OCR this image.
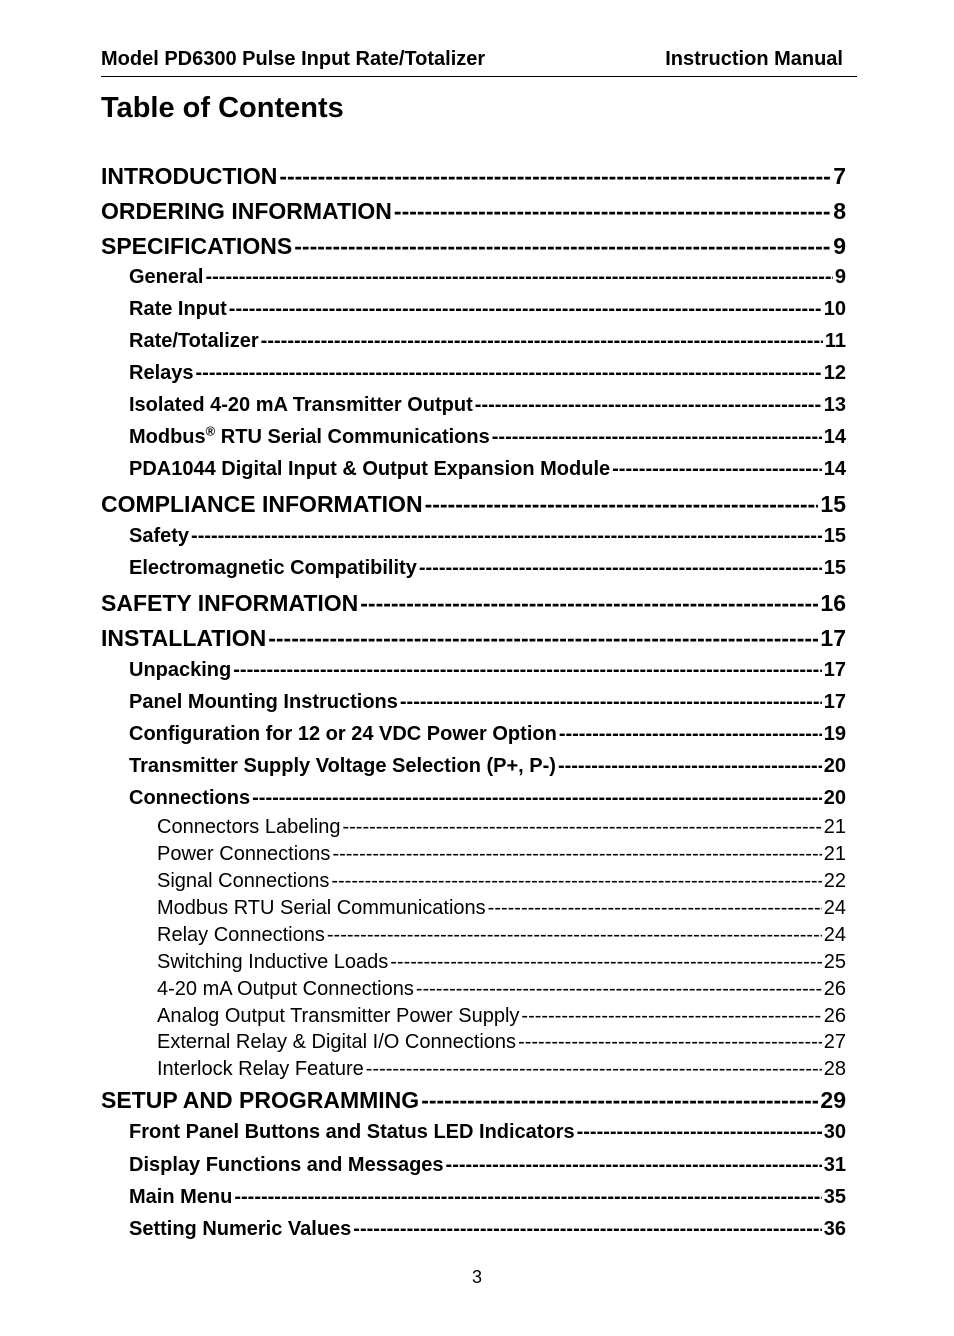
Model PD6300 Pulse Input Rate/Totalizer	Instruction Manual
Table of Contents
INTRODUCTION -----	7
ORDERING INFORMATION -----	8
SPECIFICATIONS -----	9
General -----	9
Rate Input -----	10
Rate/Totalizer -----	11
Relays -----	12
Isolated 4-20 mA Transmitter Output -----	13
Modbus® RTU Serial Communications -----	14
PDA1044 Digital Input & Output Expansion Module -----	14
COMPLIANCE INFORMATION -----	15
Safety -----	15
Electromagnetic Compatibility -----	15
SAFETY INFORMATION -----	16
INSTALLATION -----	17
Unpacking -----	17
Panel Mounting Instructions -----	17
Configuration for 12 or 24 VDC Power Option -----	19
Transmitter Supply Voltage Selection (P+, P-) -----	20
Connections -----	20
Connectors Labeling -----	21
Power Connections -----	21
Signal Connections -----	22
Modbus RTU Serial Communications -----	24
Relay Connections -----	24
Switching Inductive Loads -----	25
4-20 mA Output Connections -----	26
Analog Output Transmitter Power Supply -----	26
External Relay & Digital I/O Connections -----	27
Interlock Relay Feature -----	28
SETUP AND PROGRAMMING -----	29
Front Panel Buttons and Status LED Indicators -----	30
Display Functions and Messages -----	31
Main Menu -----	35
Setting Numeric Values -----	36
3
